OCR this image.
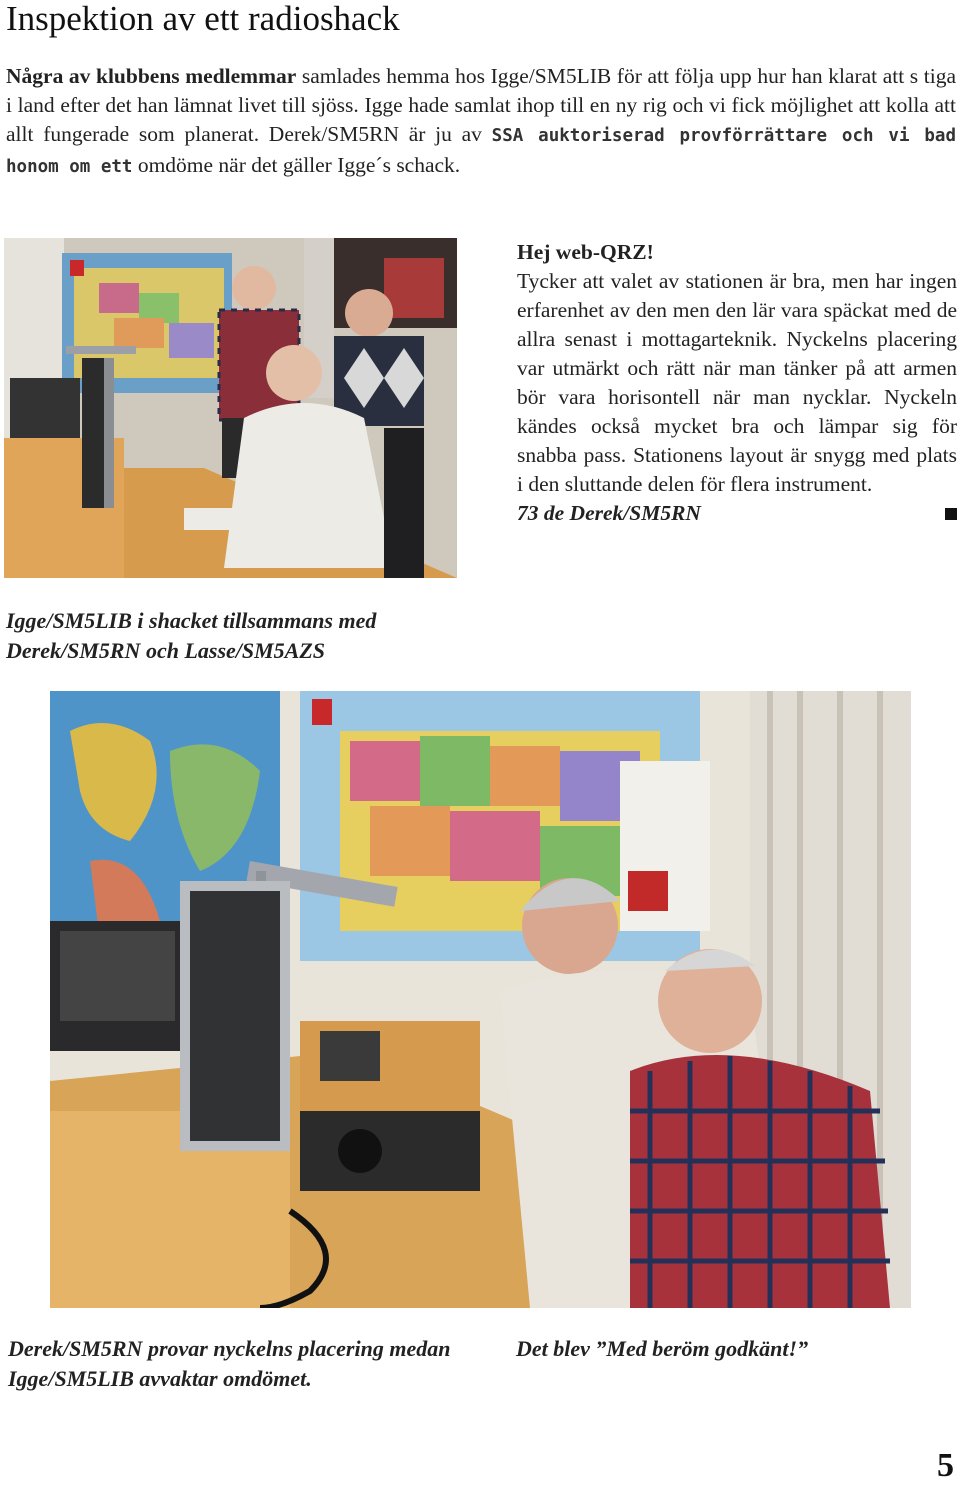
Inspektion av ett radioshack
Några av klubbens medlemmar samlades hemma hos Igge/SM5LIB för att följa upp hur han klarat att s tiga i land efter det han lämnat livet till sjöss. Igge hade samlat ihop till en ny rig och vi fick möjlighet att kolla att allt fungerade som planerat. Derek/SM5RN är ju av SSA auktoriserad provförrättare och vi bad honom om ett omdöme när det gäller Igge´s schack.
Igge/SM5LIB i shacket tillsammans med Derek/SM5RN och Lasse/SM5AZS
Hej web-QRZ!
Tycker att valet av stationen är bra, men har ingen erfarenhet av den men den lär vara späckat med de allra senast i mottagarteknik. Nyckelns placering var utmärkt och rätt när man tänker på att armen bör vara horisontell när man nycklar. Nyckeln kändes också mycket bra och lämpar sig för snabba pass. Stationens layout är snygg med plats i den sluttande delen för flera instrument.
73 de Derek/SM5RN
Derek/SM5RN provar nyckelns placering medan Igge/SM5LIB avvaktar omdömet.
Det blev ”Med beröm godkänt!”
5
